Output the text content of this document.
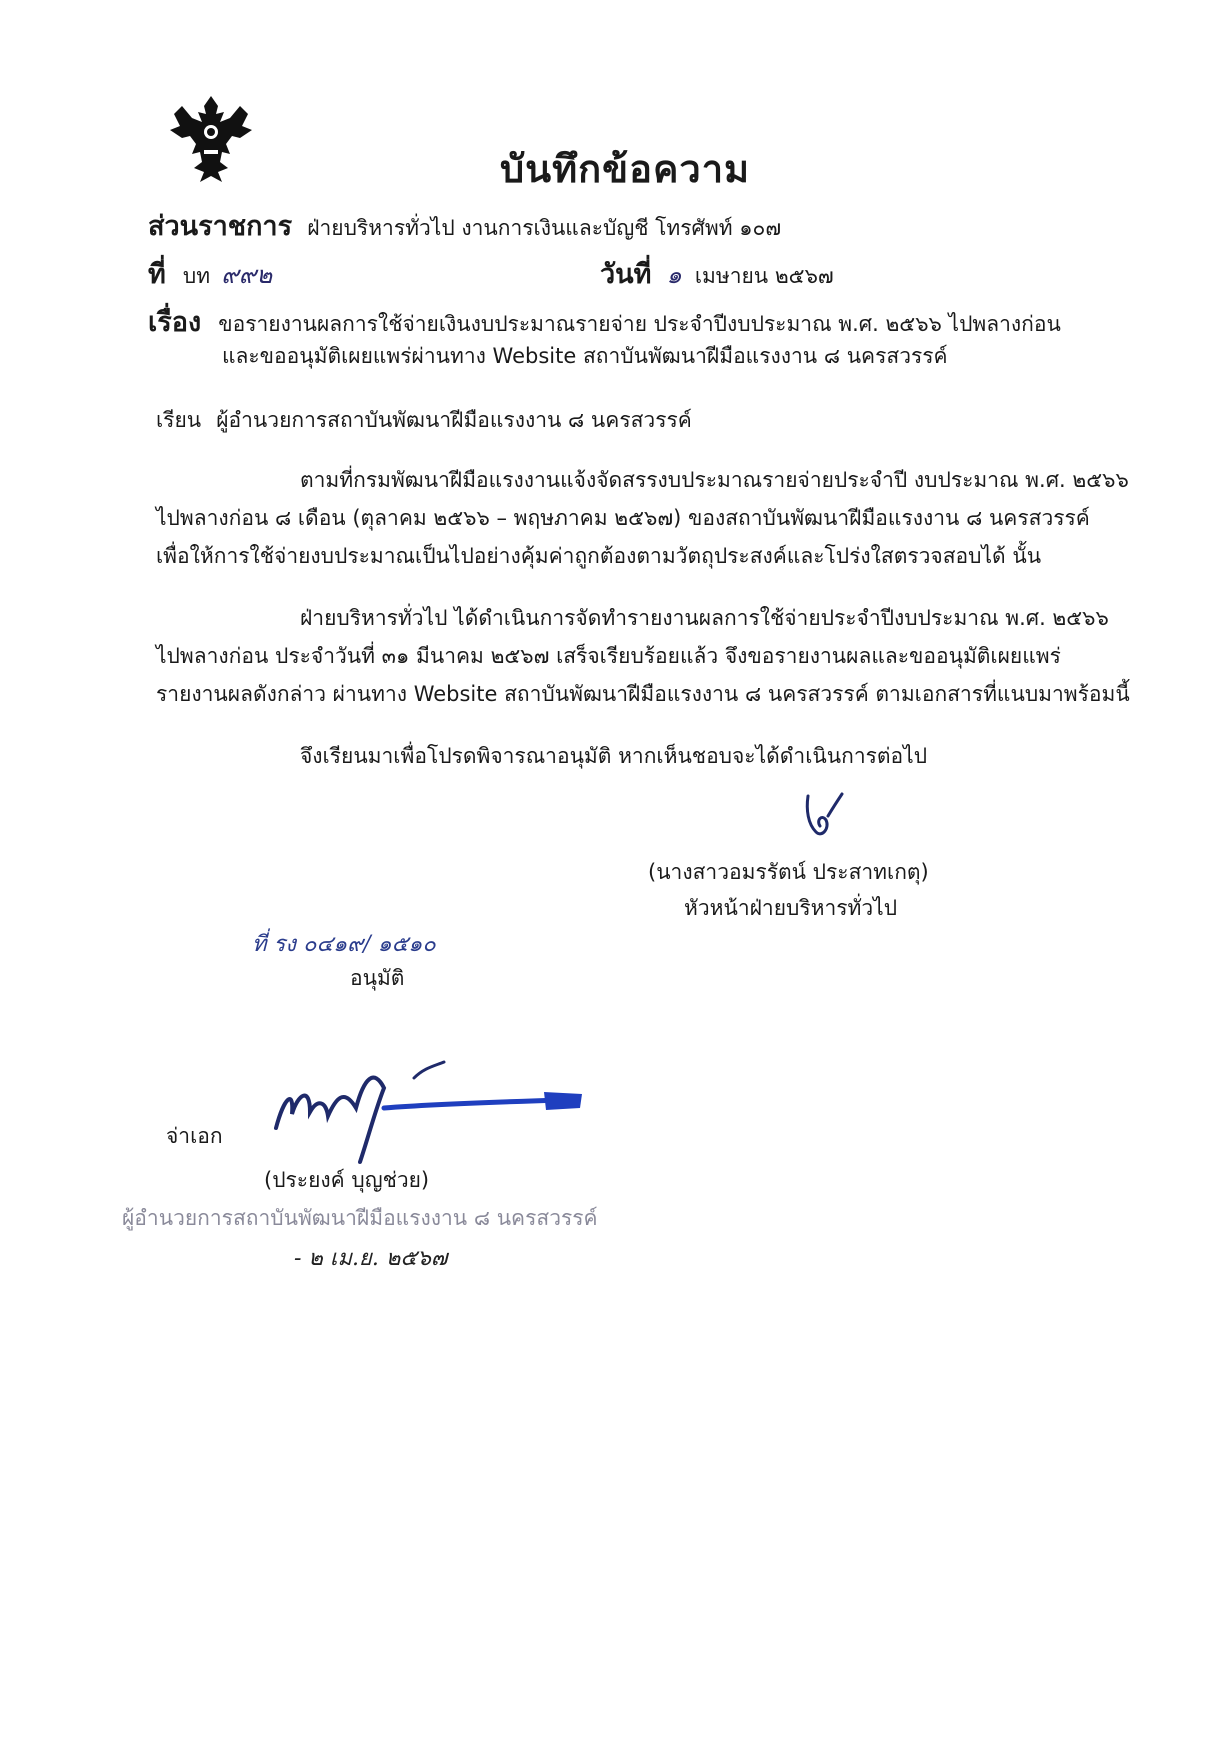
บันทึกข้อความ
ส่วนราชการ ฝ่ายบริหารทั่วไป งานการเงินและบัญชี โทรศัพท์ ๑๐๗
ที่ บท ๙๙๒	วันที่ ๑ เมษายน ๒๕๖๗
เรื่อง ขอรายงานผลการใช้จ่ายเงินงบประมาณรายจ่าย ประจำปีงบประมาณ พ.ศ. ๒๕๖๖ ไปพลางก่อน
และขออนุมัติเผยแพร่ผ่านทาง Website สถาบันพัฒนาฝีมือแรงงาน ๘ นครสวรรค์
เรียน ผู้อำนวยการสถาบันพัฒนาฝีมือแรงงาน ๘ นครสวรรค์
ตามที่กรมพัฒนาฝีมือแรงงานแจ้งจัดสรรงบประมาณรายจ่ายประจำปี งบประมาณ พ.ศ. ๒๕๖๖
ไปพลางก่อน ๘ เดือน (ตุลาคม ๒๕๖๖ – พฤษภาคม ๒๕๖๗) ของสถาบันพัฒนาฝีมือแรงงาน ๘ นครสวรรค์
เพื่อให้การใช้จ่ายงบประมาณเป็นไปอย่างคุ้มค่าถูกต้องตามวัตถุประสงค์และโปร่งใสตรวจสอบได้ นั้น
ฝ่ายบริหารทั่วไป ได้ดำเนินการจัดทำรายงานผลการใช้จ่ายประจำปีงบประมาณ พ.ศ. ๒๕๖๖
ไปพลางก่อน ประจำวันที่ ๓๑ มีนาคม ๒๕๖๗ เสร็จเรียบร้อยแล้ว จึงขอรายงานผลและขออนุมัติเผยแพร่
รายงานผลดังกล่าว ผ่านทาง Website สถาบันพัฒนาฝีมือแรงงาน ๘ นครสวรรค์ ตามเอกสารที่แนบมาพร้อมนี้
จึงเรียนมาเพื่อโปรดพิจารณาอนุมัติ หากเห็นชอบจะได้ดำเนินการต่อไป
(นางสาวอมรรัตน์ ประสาทเกตุ)
หัวหน้าฝ่ายบริหารทั่วไป
ที่ รง ๐๔๑๙/ ๑๕๑๐
อนุมัติ
จ่าเอก
(ประยงค์ บุญช่วย)
ผู้อำนวยการสถาบันพัฒนาฝีมือแรงงาน ๘ นครสวรรค์
- ๒ เม.ย. ๒๕๖๗
